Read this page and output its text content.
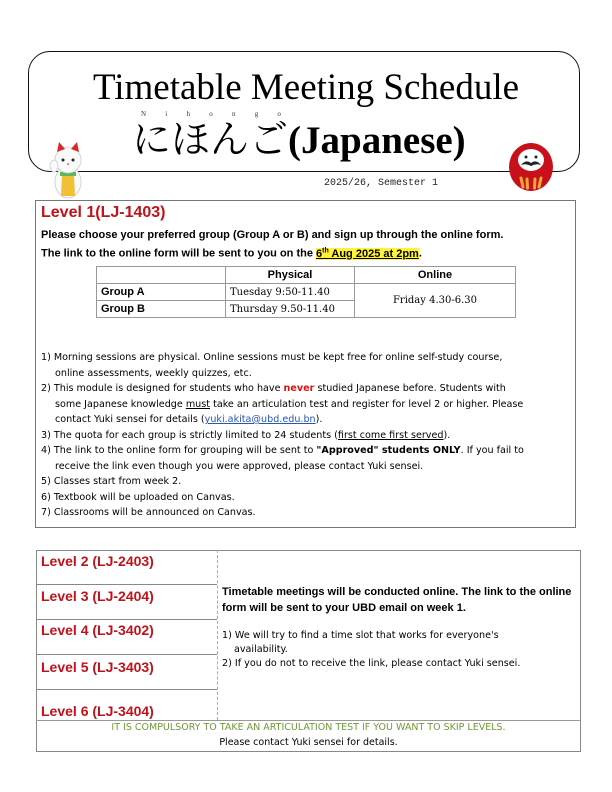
Timetable Meeting Schedule
N	i	h	o	n	g	o
にほんご(Japanese)
2025/26, Semester 1
Level 1(LJ-1403)
Please choose your preferred group (Group A or B) and sign up through the online form.
The link to the online form will be sent to you on the 6th Aug 2025 at 2pm.
	Physical	Online
Group A	Tuesday 9:50-11.40	Friday 4.30-6.30
Group B	Thursday 9.50-11.40	

1) Morning sessions are physical. Online sessions must be kept free for online self-study course,

online assessments, weekly quizzes, etc.

2) This module is designed for students who have never studied Japanese before. Students with

some Japanese knowledge must take an articulation test and register for level 2 or higher. Please

contact Yuki sensei for details (yuki.akita@ubd.edu.bn).

3) The quota for each group is strictly limited to 24 students (first come first served).

4) The link to the online form for grouping will be sent to "Approved" students ONLY. If you fail to

receive the link even though you were approved, please contact Yuki sensei.

5) Classes start from week 2.

6) Textbook will be uploaded on Canvas.

7) Classrooms will be announced on Canvas.

Level 2 (LJ-2403)
Level 3 (LJ-2404)
Level 4 (LJ-3402)
Level 5 (LJ-3403)
Level 6 (LJ-3404)
Timetable meetings will be conducted online. The link to the online form will be sent to your UBD email on week 1.

1) We will try to find a time slot that works for everyone's

availability.

2) If you do not to receive the link, please contact Yuki sensei.

IT IS COMPULSORY TO TAKE AN ARTICULATION TEST IF YOU WANT TO SKIP LEVELS.
Please contact Yuki sensei for details.
